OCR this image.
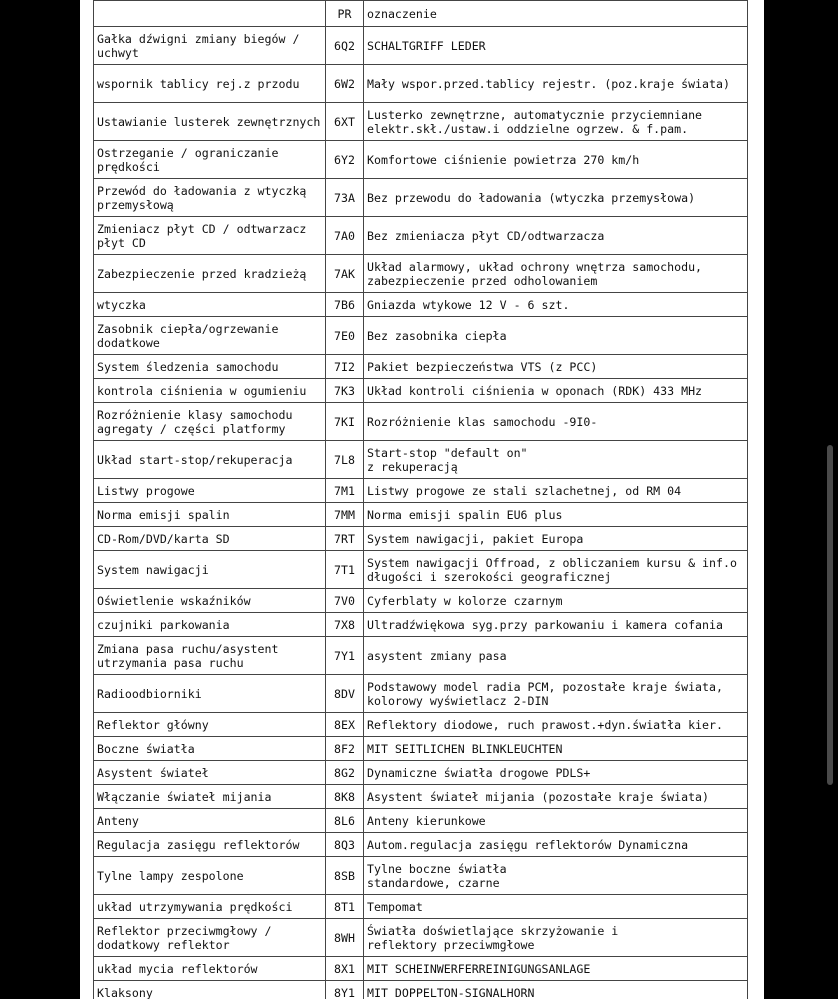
	PR	oznaczenie
Gałka dźwigni zmiany biegów / uchwyt	6Q2	SCHALTGRIFF LEDER
wspornik tablicy rej.z przodu	6W2	Mały wspor.przed.tablicy rejestr. (poz.kraje świata)
Ustawianie lusterek zewnętrznych	6XT	Lusterko zewnętrzne, automatycznie przyciemniane elektr.skł./ustaw.i oddzielne ogrzew. & f.pam.
Ostrzeganie / ograniczanie prędkości	6Y2	Komfortowe ciśnienie powietrza 270 km/h
Przewód do ładowania z wtyczką przemysłową	73A	Bez przewodu do ładowania (wtyczka przemysłowa)
Zmieniacz płyt CD / odtwarzacz płyt CD	7A0	Bez zmieniacza płyt CD/odtwarzacza
Zabezpieczenie przed kradzieżą	7AK	Układ alarmowy, układ ochrony wnętrza samochodu, zabezpieczenie przed odholowaniem
wtyczka	7B6	Gniazda wtykowe 12 V - 6 szt.
Zasobnik ciepła/ogrzewanie dodatkowe	7E0	Bez zasobnika ciepła
System śledzenia samochodu	7I2	Pakiet bezpieczeństwa VTS (z PCC)
kontrola ciśnienia w ogumieniu	7K3	Układ kontroli ciśnienia w oponach (RDK) 433 MHz
Rozróżnienie klasy samochodu agregaty / części platformy	7KI	Rozróżnienie klas samochodu -9I0-
Układ start-stop/rekuperacja	7L8	Start-stop "default on"
z rekuperacją
Listwy progowe	7M1	Listwy progowe ze stali szlachetnej, od RM 04
Norma emisji spalin	7MM	Norma emisji spalin EU6 plus
CD-Rom/DVD/karta SD	7RT	System nawigacji, pakiet Europa
System nawigacji	7T1	System nawigacji Offroad, z obliczaniem kursu & inf.o długości i szerokości geograficznej
Oświetlenie wskaźników	7V0	Cyferblaty w kolorze czarnym
czujniki parkowania	7X8	Ultradźwiękowa syg.przy parkowaniu i kamera cofania
Zmiana pasa ruchu/asystent utrzymania pasa ruchu	7Y1	asystent zmiany pasa
Radioodbiorniki	8DV	Podstawowy model radia PCM, pozostałe kraje świata, kolorowy wyświetlacz 2-DIN
Reflektor główny	8EX	Reflektory diodowe, ruch prawost.+dyn.światła kier.
Boczne światła	8F2	MIT SEITLICHEN BLINKLEUCHTEN
Asystent świateł	8G2	Dynamiczne światła drogowe PDLS+
Włączanie świateł mijania	8K8	Asystent świateł mijania (pozostałe kraje świata)
Anteny	8L6	Anteny kierunkowe
Regulacja zasięgu reflektorów	8Q3	Autom.regulacja zasięgu reflektorów Dynamiczna
Tylne lampy zespolone	8SB	Tylne boczne światła
standardowe, czarne
układ utrzymywania prędkości	8T1	Tempomat
Reflektor przeciwmgłowy / dodatkowy reflektor	8WH	Światła doświetlające skrzyżowanie i
reflektory przeciwmgłowe
układ mycia reflektorów	8X1	MIT SCHEINWERFERREINIGUNGSANLAGE
Klaksony	8Y1	MIT DOPPELTON-SIGNALHORN
